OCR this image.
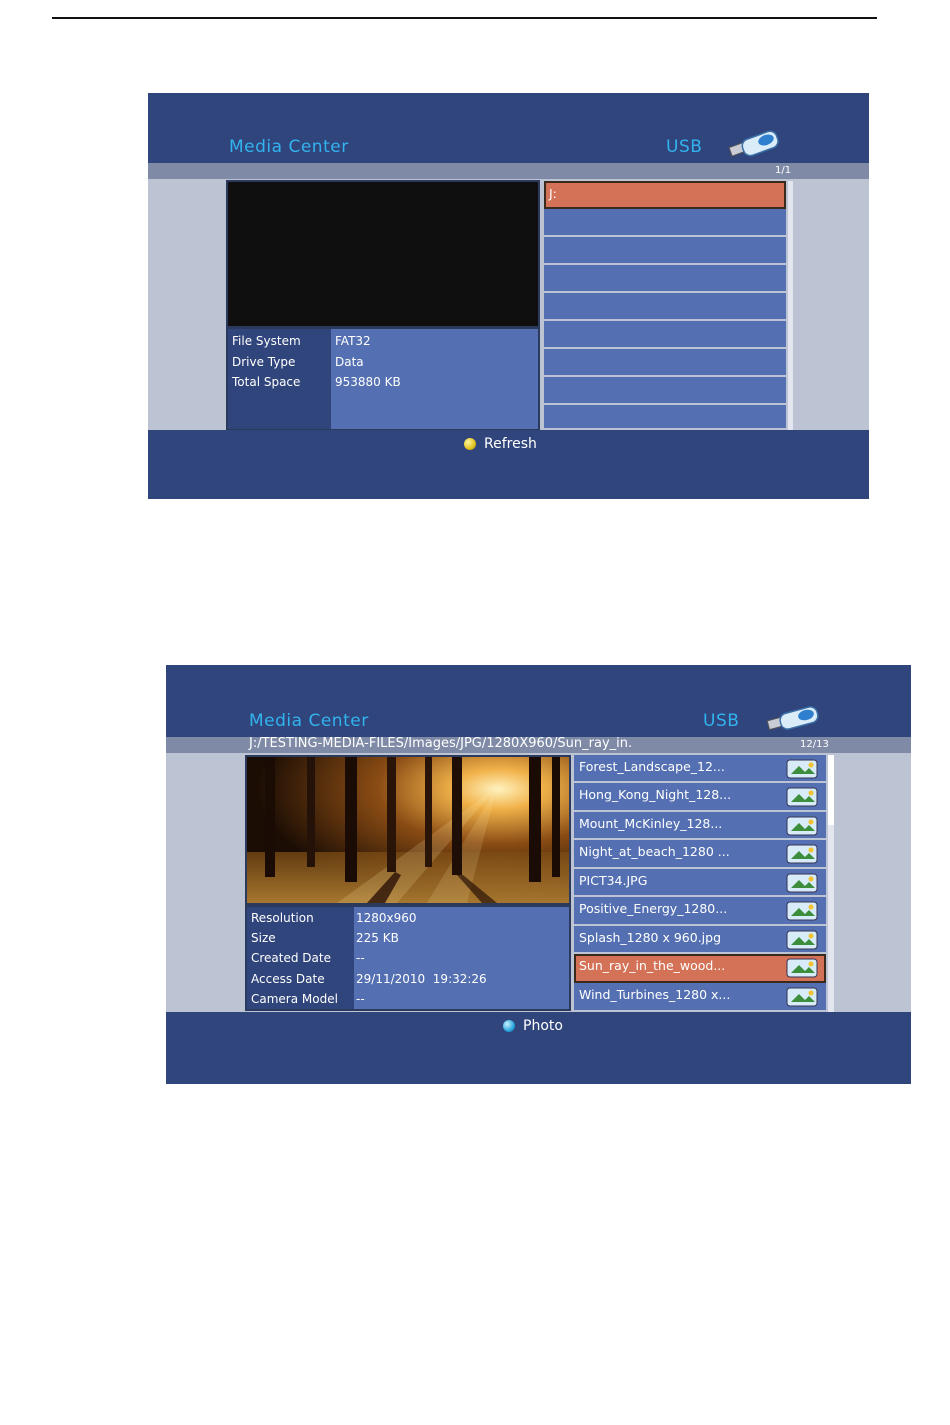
Media Center	USB
1/1
File System	FAT32
Drive Type	Data
Total Space	953880 KB
J:
Refresh
Media Center	USB
J:/TESTING-MEDIA-FILES/Images/JPG/1280X960/Sun_ray_in.	12/13
Resolution	1280x960
Size	225 KB
Created Date --
Access Date	29/11/2010  19:32:26
Camera Model --
Forest_Landscape_12...
Hong_Kong_Night_128...
Mount_McKinley_128...
Night_at_beach_1280 ...
PICT34.JPG
Positive_Energy_1280...
Splash_1280 x 960.jpg
Sun_ray_in_the_wood...
Wind_Turbines_1280 x...
Photo
